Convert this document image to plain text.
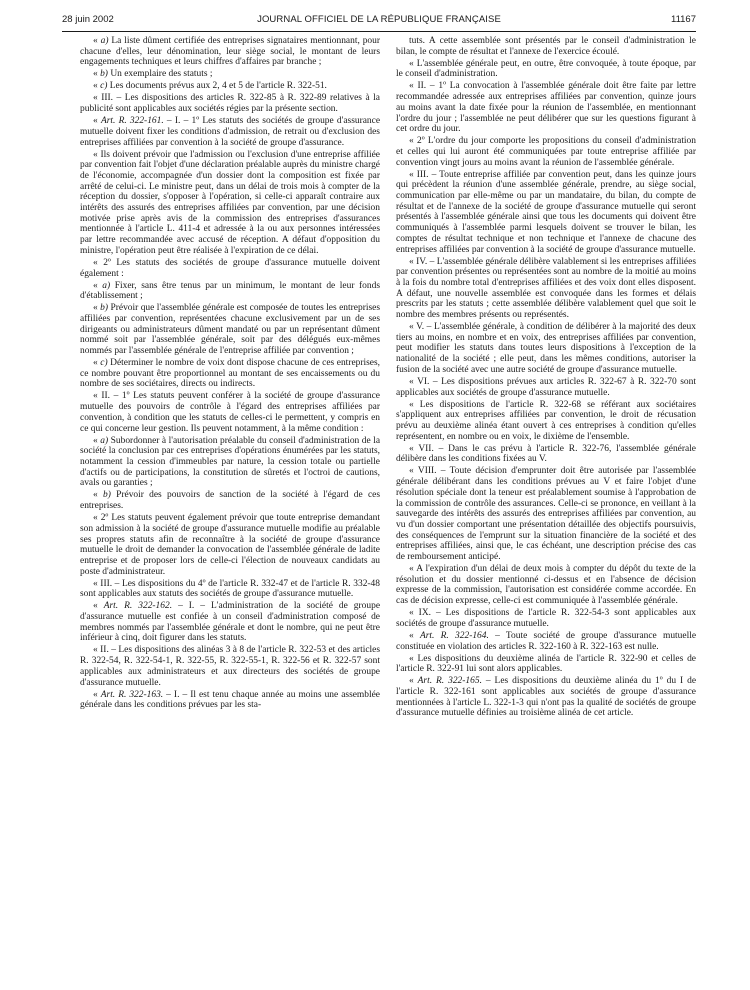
28 juin 2002	JOURNAL OFFICIEL DE LA RÉPUBLIQUE FRANÇAISE	11167

« a) La liste dûment certifiée des entreprises signataires mentionnant, pour chacune d'elles, leur dénomination, leur siège social, le montant de leurs engagements techniques et leurs chiffres d'affaires par branche ;

« b) Un exemplaire des statuts ;

« c) Les documents prévus aux 2, 4 et 5 de l'article R. 322-51.

« III. – Les dispositions des articles R. 322-85 à R. 322-89 relatives à la publicité sont applicables aux sociétés régies par la présente section.

« Art. R. 322-161. – I. – 1º Les statuts des sociétés de groupe d'assurance mutuelle doivent fixer les conditions d'admission, de retrait ou d'exclusion des entreprises affiliées par convention à la société de groupe d'assurance.

« Ils doivent prévoir que l'admission ou l'exclusion d'une entreprise affiliée par convention fait l'objet d'une déclaration préalable auprès du ministre chargé de l'économie, accompagnée d'un dossier dont la composition est fixée par arrêté de celui-ci. Le ministre peut, dans un délai de trois mois à compter de la réception du dossier, s'opposer à l'opération, si celle-ci apparaît contraire aux intérêts des assurés des entreprises affiliées par convention, par une décision motivée prise après avis de la commission des entreprises d'assurances mentionnée à l'article L. 411-4 et adressée à la ou aux personnes intéressées par lettre recommandée avec accusé de réception. A défaut d'opposition du ministre, l'opération peut être réalisée à l'expiration de ce délai.

« 2º Les statuts des sociétés de groupe d'assurance mutuelle doivent également :

« a) Fixer, sans être tenus par un minimum, le montant de leur fonds d'établissement ;

« b) Prévoir que l'assemblée générale est composée de toutes les entreprises affiliées par convention, représentées chacune exclusivement par un de ses dirigeants ou administrateurs dûment mandaté ou par un représentant dûment nommé soit par l'assemblée générale, soit par des délégués eux-mêmes nommés par l'assemblée générale de l'entreprise affiliée par convention ;

« c) Déterminer le nombre de voix dont dispose chacune de ces entreprises, ce nombre pouvant être proportionnel au montant de ses encaissements ou du nombre de ses sociétaires, directs ou indirects.

« II. – 1º Les statuts peuvent conférer à la société de groupe d'assurance mutuelle des pouvoirs de contrôle à l'égard des entreprises affiliées par convention, à condition que les statuts de celles-ci le permettent, y compris en ce qui concerne leur gestion. Ils peuvent notamment, à la même condition :

« a) Subordonner à l'autorisation préalable du conseil d'administration de la société la conclusion par ces entreprises d'opérations énumérées par les statuts, notamment la cession d'immeubles par nature, la cession totale ou partielle d'actifs ou de participations, la constitution de sûretés et l'octroi de cautions, avals ou garanties ;

« b) Prévoir des pouvoirs de sanction de la société à l'égard de ces entreprises.

« 2º Les statuts peuvent également prévoir que toute entreprise demandant son admission à la société de groupe d'assurance mutuelle modifie au préalable ses propres statuts afin de reconnaître à la société de groupe d'assurance mutuelle le droit de demander la convocation de l'assemblée générale de ladite entreprise et de proposer lors de celle-ci l'élection de nouveaux candidats au poste d'administrateur.

« III. – Les dispositions du 4º de l'article R. 332-47 et de l'article R. 332-48 sont applicables aux statuts des sociétés de groupe d'assurance mutuelle.

« Art. R. 322-162. – I. – L'administration de la société de groupe d'assurance mutuelle est confiée à un conseil d'administration composé de membres nommés par l'assemblée générale et dont le nombre, qui ne peut être inférieur à cinq, doit figurer dans les statuts.

« II. – Les dispositions des alinéas 3 à 8 de l'article R. 322-53 et des articles R. 322-54, R. 322-54-1, R. 322-55, R. 322-55-1, R. 322-56 et R. 322-57 sont applicables aux administrateurs et aux directeurs des sociétés de groupe d'assurance mutuelle.

« Art. R. 322-163. – I. – Il est tenu chaque année au moins une assemblée générale dans les conditions prévues par les sta-

tuts. A cette assemblée sont présentés par le conseil d'administration le bilan, le compte de résultat et l'annexe de l'exercice écoulé.

« L'assemblée générale peut, en outre, être convoquée, à toute époque, par le conseil d'administration.

« II. – 1º La convocation à l'assemblée générale doit être faite par lettre recommandée adressée aux entreprises affiliées par convention, quinze jours au moins avant la date fixée pour la réunion de l'assemblée, en mentionnant l'ordre du jour ; l'assemblée ne peut délibérer que sur les questions figurant à cet ordre du jour.

« 2º L'ordre du jour comporte les propositions du conseil d'administration et celles qui lui auront été communiquées par toute entreprise affiliée par convention vingt jours au moins avant la réunion de l'assemblée générale.

« III. – Toute entreprise affiliée par convention peut, dans les quinze jours qui précèdent la réunion d'une assemblée générale, prendre, au siège social, communication par elle-même ou par un mandataire, du bilan, du compte de résultat et de l'annexe de la société de groupe d'assurance mutuelle qui seront présentés à l'assemblée générale ainsi que tous les documents qui doivent être communiqués à l'assemblée parmi lesquels doivent se trouver le bilan, les comptes de résultat technique et non technique et l'annexe de chacune des entreprises affiliées par convention à la société de groupe d'assurance mutuelle.

« IV. – L'assemblée générale délibère valablement si les entreprises affiliées par convention présentes ou représentées sont au nombre de la moitié au moins à la fois du nombre total d'entreprises affiliées et des voix dont elles disposent. A défaut, une nouvelle assemblée est convoquée dans les formes et délais prescrits par les statuts ; cette assemblée délibère valablement quel que soit le nombre des membres présents ou représentés.

« V. – L'assemblée générale, à condition de délibérer à la majorité des deux tiers au moins, en nombre et en voix, des entreprises affiliées par convention, peut modifier les statuts dans toutes leurs dispositions à l'exception de la nationalité de la société ; elle peut, dans les mêmes conditions, autoriser la fusion de la société avec une autre société de groupe d'assurance mutuelle.

« VI. – Les dispositions prévues aux articles R. 322-67 à R. 322-70 sont applicables aux sociétés de groupe d'assurance mutuelle.

« Les dispositions de l'article R. 322-68 se référant aux sociétaires s'appliquent aux entreprises affiliées par convention, le droit de récusation prévu au deuxième alinéa étant ouvert à ces entreprises à condition qu'elles représentent, en nombre ou en voix, le dixième de l'ensemble.

« VII. – Dans le cas prévu à l'article R. 322-76, l'assemblée générale délibère dans les conditions fixées au V.

« VIII. – Toute décision d'emprunter doit être autorisée par l'assemblée générale délibérant dans les conditions prévues au V et faire l'objet d'une résolution spéciale dont la teneur est préalablement soumise à l'approbation de la commission de contrôle des assurances. Celle-ci se prononce, en veillant à la sauvegarde des intérêts des assurés des entreprises affiliées par convention, au vu d'un dossier comportant une présentation détaillée des objectifs poursuivis, des conséquences de l'emprunt sur la situation financière de la société et des entreprises affiliées, ainsi que, le cas échéant, une description précise des cas de remboursement anticipé.

« A l'expiration d'un délai de deux mois à compter du dépôt du texte de la résolution et du dossier mentionné ci-dessus et en l'absence de décision expresse de la commission, l'autorisation est considérée comme accordée. En cas de décision expresse, celle-ci est communiquée à l'assemblée générale.

« IX. – Les dispositions de l'article R. 322-54-3 sont applicables aux sociétés de groupe d'assurance mutuelle.

« Art. R. 322-164. – Toute société de groupe d'assurance mutuelle constituée en violation des articles R. 322-160 à R. 322-163 est nulle.

« Les dispositions du deuxième alinéa de l'article R. 322-90 et celles de l'article R. 322-91 lui sont alors applicables.

« Art. R. 322-165. – Les dispositions du deuxième alinéa du 1º du I de l'article R. 322-161 sont applicables aux sociétés de groupe d'assurance mentionnées à l'article L. 322-1-3 qui n'ont pas la qualité de sociétés de groupe d'assurance mutuelle définies au troisième alinéa de cet article.
